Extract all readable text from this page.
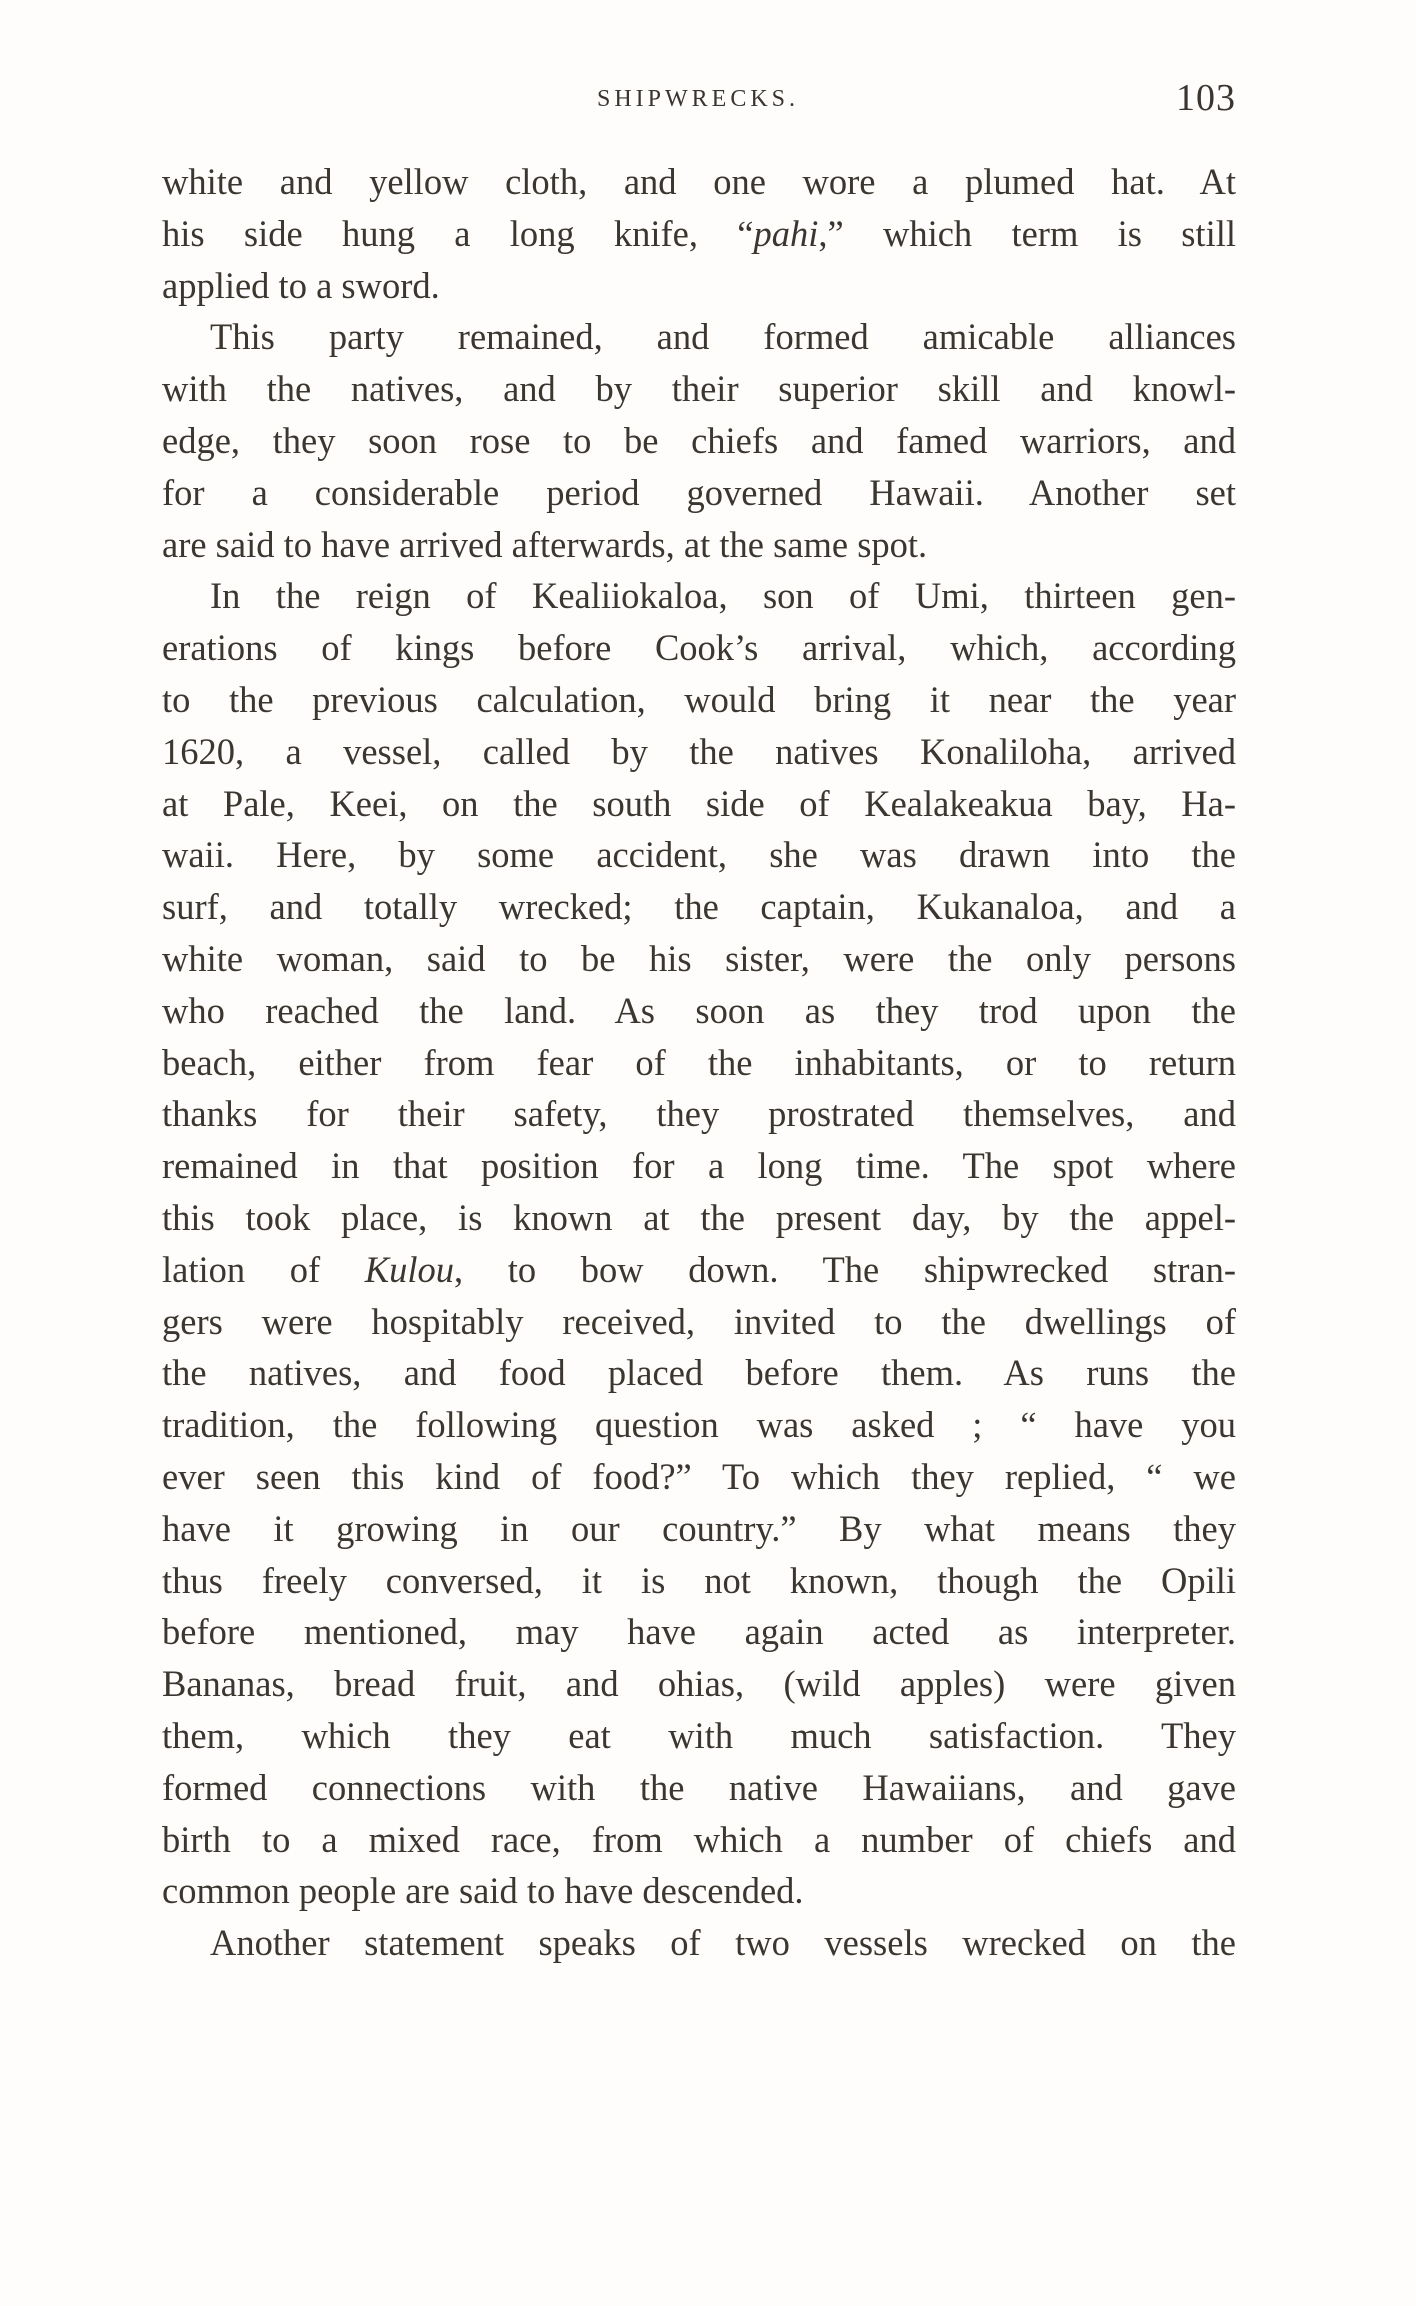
SHIPWRECKS.	103
white and yellow cloth, and one wore a plumed hat. At
his side hung a long knife, “pahi,” which term is still
applied to a sword.
This party remained, and formed amicable alliances
with the natives, and by their superior skill and knowl-
edge, they soon rose to be chiefs and famed warriors, and
for a considerable period governed Hawaii. Another set
are said to have arrived afterwards, at the same spot.
In the reign of Kealiiokaloa, son of Umi, thirteen gen-
erations of kings before Cook’s arrival, which, according
to the previous calculation, would bring it near the year
1620, a vessel, called by the natives Konaliloha, arrived
at Pale, Keei, on the south side of Kealakeakua bay, Ha-
waii. Here, by some accident, she was drawn into the
surf, and totally wrecked; the captain, Kukanaloa, and a
white woman, said to be his sister, were the only persons
who reached the land. As soon as they trod upon the
beach, either from fear of the inhabitants, or to return
thanks for their safety, they prostrated themselves, and
remained in that position for a long time. The spot where
this took place, is known at the present day, by the appel-
lation of Kulou, to bow down. The shipwrecked stran-
gers were hospitably received, invited to the dwellings of
the natives, and food placed before them. As runs the
tradition, the following question was asked ; “ have you
ever seen this kind of food?” To which they replied, “ we
have it growing in our country.” By what means they
thus freely conversed, it is not known, though the Opili
before mentioned, may have again acted as interpreter.
Bananas, bread fruit, and ohias, (wild apples) were given
them, which they eat with much satisfaction. They
formed connections with the native Hawaiians, and gave
birth to a mixed race, from which a number of chiefs and
common people are said to have descended.
Another statement speaks of two vessels wrecked on the
